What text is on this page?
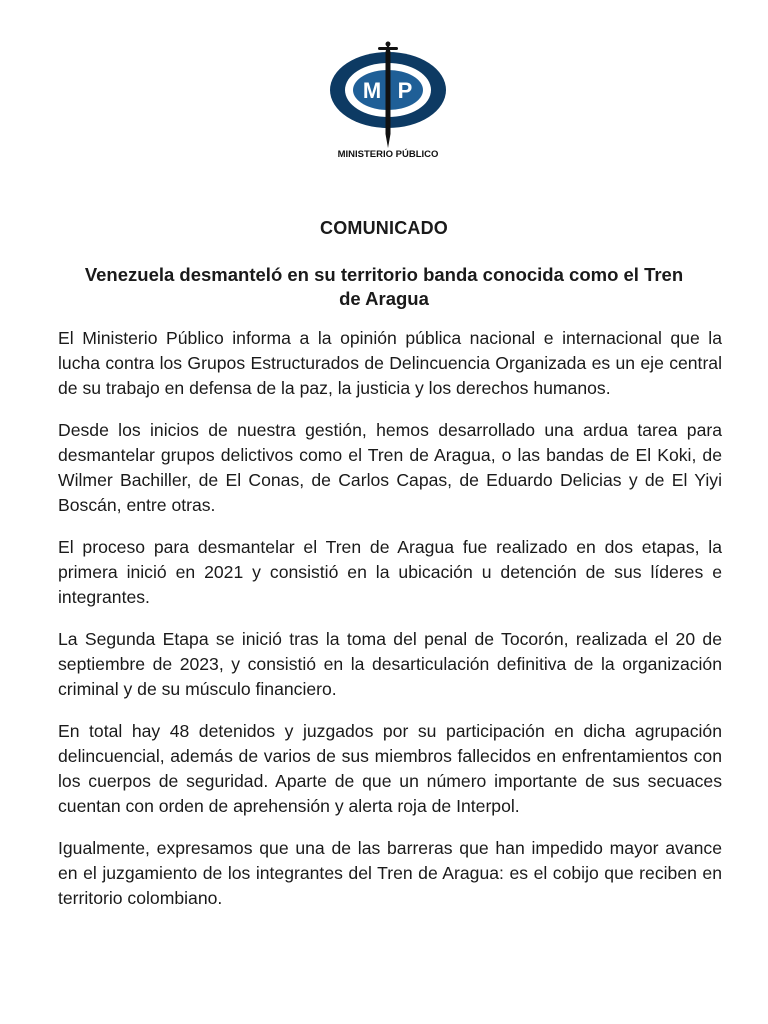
M P
MINISTERIO PÚBLICO
COMUNICADO
Venezuela desmanteló en su territorio banda conocida como el Tren de Aragua

El Ministerio Público informa a la opinión pública nacional e internacional que la lucha contra los Grupos Estructurados de Delincuencia Organizada es un eje central de su trabajo en defensa de la paz, la justicia y los derechos humanos.

Desde los inicios de nuestra gestión, hemos desarrollado una ardua tarea para desmantelar grupos delictivos como el Tren de Aragua, o las bandas de El Koki, de Wilmer Bachiller, de El Conas, de Carlos Capas, de Eduardo Delicias y de El Yiyi Boscán, entre otras.

El proceso para desmantelar el Tren de Aragua fue realizado en dos etapas, la primera inició en 2021 y consistió en la ubicación u detención de sus líderes e integrantes.

La Segunda Etapa se inició tras la toma del penal de Tocorón, realizada el 20 de septiembre de 2023, y consistió en la desarticulación definitiva de la organización criminal y de su músculo financiero.

En total hay 48 detenidos y juzgados por su participación en dicha agrupación delincuencial, además de varios de sus miembros fallecidos en enfrentamientos con los cuerpos de seguridad. Aparte de que un número importante de sus secuaces cuentan con orden de aprehensión y alerta roja de Interpol.

Igualmente, expresamos que una de las barreras que han impedido mayor avance en el juzgamiento de los integrantes del Tren de Aragua: es el cobijo que reciben en territorio colombiano.
